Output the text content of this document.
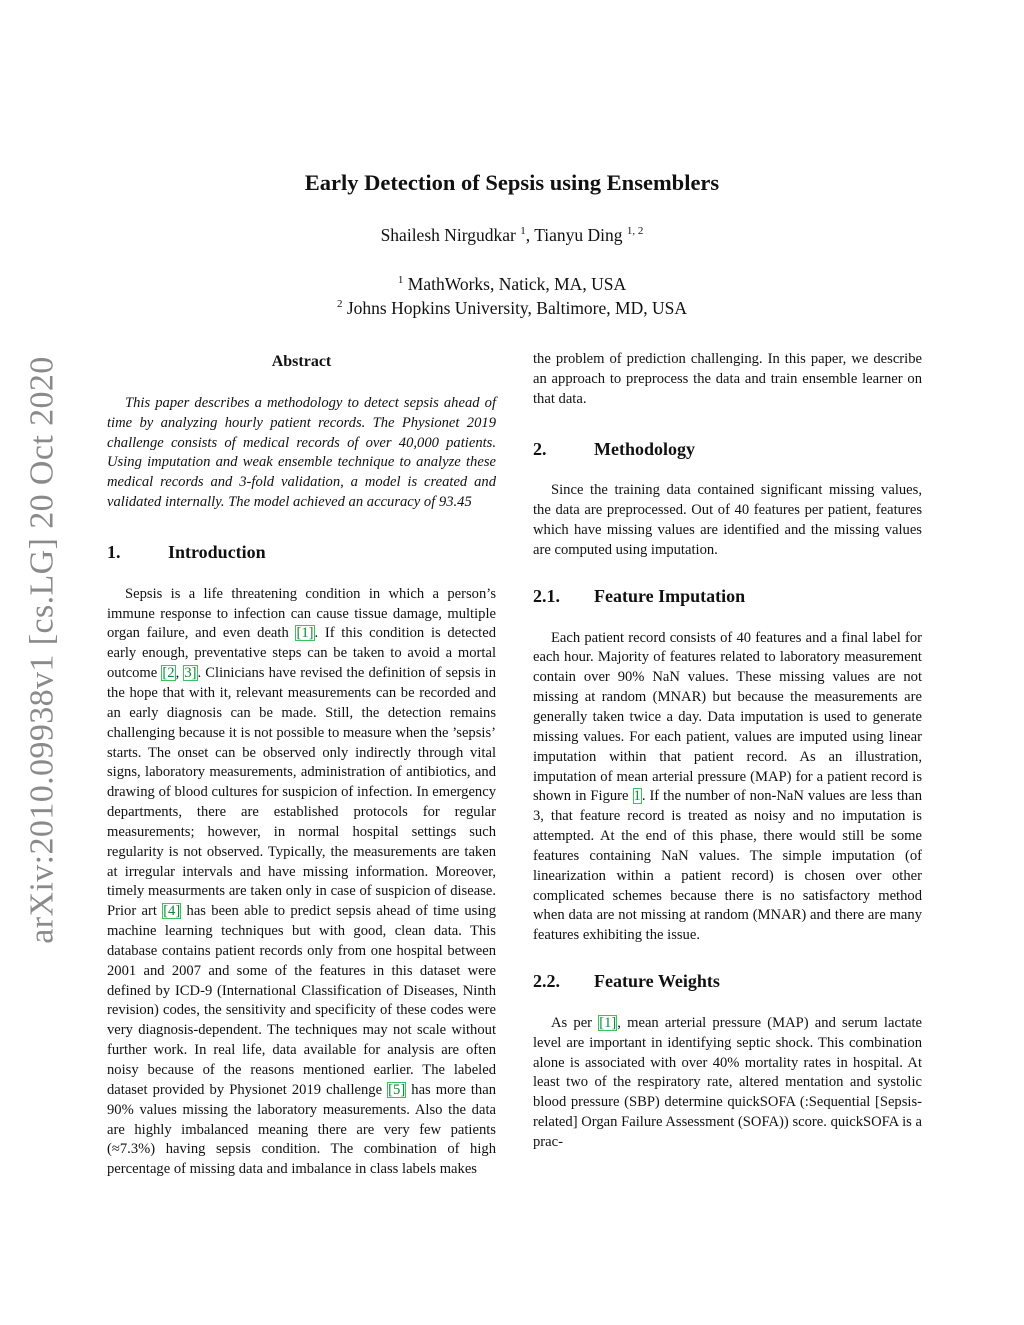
arXiv:2010.09938v1 [cs.LG] 20 Oct 2020
Early Detection of Sepsis using Ensemblers
Shailesh Nirgudkar $^1$, Tianyu Ding $^{1, 2}$
$^1$ MathWorks, Natick, MA, USA
$^2$ Johns Hopkins University, Baltimore, MD, USA
Abstract

This paper describes a methodology to detect sepsis ahead of time by analyzing hourly patient records. The Physionet 2019 challenge consists of medical records of over 40,000 patients. Using imputation and weak ensemble technique to analyze these medical records and 3-fold validation, a model is created and validated internally. The model achieved an accuracy of 93.45

1.	Introduction

Sepsis is a life threatening condition in which a person’s immune response to infection can cause tissue damage, multiple organ failure, and even death [1]. If this condition is detected early enough, preventative steps can be taken to avoid a mortal outcome [2, 3]. Clinicians have revised the definition of sepsis in the hope that with it, relevant measurements can be recorded and an early diagnosis can be made. Still, the detection remains challenging because it is not possible to measure when the ’sepsis’ starts. The onset can be observed only indirectly through vital signs, laboratory measurements, administration of antibiotics, and drawing of blood cultures for suspicion of infection. In emergency departments, there are established protocols for regular measurements; however, in normal hospital settings such regularity is not observed. Typically, the measurements are taken at irregular intervals and have missing information. Moreover, timely measurments are taken only in case of suspicion of disease. Prior art [4] has been able to predict sepsis ahead of time using machine learning techniques but with good, clean data. This database contains patient records only from one hospital between 2001 and 2007 and some of the features in this dataset were defined by ICD-9 (International Classification of Diseases, Ninth revision) codes, the sensitivity and specificity of these codes were very diagnosis-dependent. The techniques may not scale without further work. In real life, data available for analysis are often noisy because of the reasons mentioned earlier. The labeled dataset provided by Physionet 2019 challenge [5] has more than 90% values missing the laboratory measurements. Also the data are highly imbalanced meaning there are very few patients (≈7.3%) having sepsis condition. The combination of high percentage of missing data and imbalance in class labels makes

the problem of prediction challenging. In this paper, we describe an approach to preprocess the data and train ensemble learner on that data.

2.	Methodology

Since the training data contained significant missing values, the data are preprocessed. Out of 40 features per patient, features which have missing values are identified and the missing values are computed using imputation.

2.1.	Feature Imputation

Each patient record consists of 40 features and a final label for each hour. Majority of features related to laboratory measurement contain over 90% NaN values. These missing values are not missing at random (MNAR) but because the measurements are generally taken twice a day. Data imputation is used to generate missing values. For each patient, values are imputed using linear imputation within that patient record. As an illustration, imputation of mean arterial pressure (MAP) for a patient record is shown in Figure 1. If the number of non-NaN values are less than 3, that feature record is treated as noisy and no imputation is attempted. At the end of this phase, there would still be some features containing NaN values. The simple imputation (of linearization within a patient record) is chosen over other complicated schemes because there is no satisfactory method when data are not missing at random (MNAR) and there are many features exhibiting the issue.

2.2.	Feature Weights

As per [1], mean arterial pressure (MAP) and serum lactate level are important in identifying septic shock. This combination alone is associated with over 40% mortality rates in hospital. At least two of the respiratory rate, altered mentation and systolic blood pressure (SBP) determine quickSOFA (:Sequential [Sepsis-related] Organ Failure Assessment (SOFA)) score. quickSOFA is a prac-
